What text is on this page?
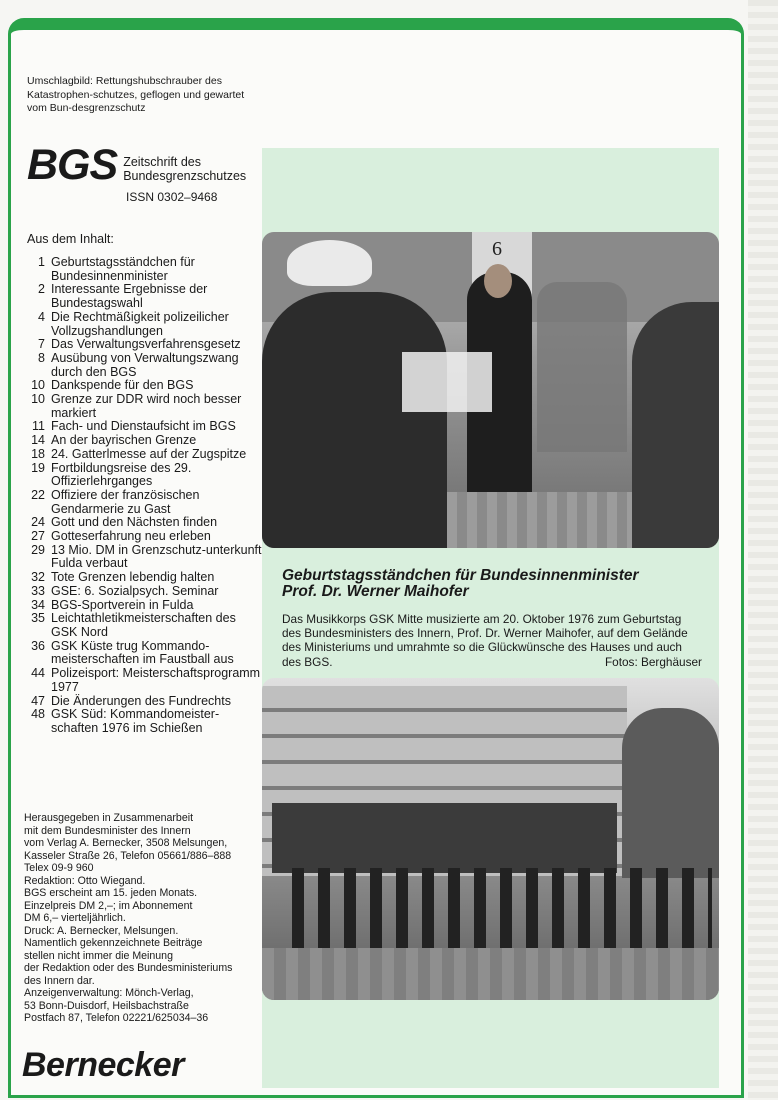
Umschlagbild: Rettungshubschrauber des Katastrophen-schutzes, geflogen und gewartet vom Bun-desgrenzschutz

BGS Zeitschrift des
Bundesgrenzschutzes
ISSN 0302–9468
Aus dem Inhalt:
1 Geburtstagsständchen für Bundesinnenminister
2 Interessante Ergebnisse der Bundestagswahl
4 Die Rechtmäßigkeit polizeilicher Vollzugshandlungen
7 Das Verwaltungsverfahrensgesetz
8 Ausübung von Verwaltungszwang durch den BGS
10 Dankspende für den BGS
10 Grenze zur DDR wird noch besser markiert
11 Fach- und Dienstaufsicht im BGS
14 An der bayrischen Grenze
18 24. Gatterlmesse auf der Zugspitze
19 Fortbildungsreise des 29. Offizierlehrganges
22 Offiziere der französischen Gendarmerie zu Gast
24 Gott und den Nächsten finden
27 Gotteserfahrung neu erleben
29 13 Mio. DM in Grenzschutz-unterkunft Fulda verbaut
32 Tote Grenzen lebendig halten
33 GSE: 6. Sozialpsych. Seminar
34 BGS-Sportverein in Fulda
35 Leichtathletikmeisterschaften des GSK Nord
36 GSK Küste trug Kommando-meisterschaften im Faustball aus
44 Polizeisport: Meisterschaftsprogramm 1977
47 Die Änderungen des Fundrechts
48 GSK Süd: Kommandomeister-schaften 1976 im Schießen
Herausgegeben in Zusammenarbeit
mit dem Bundesminister des Innern
vom Verlag A. Bernecker, 3508 Melsungen,
Kasseler Straße 26, Telefon 05661/886–888
Telex 09-9 960
Redaktion: Otto Wiegand.
BGS erscheint am 15. jeden Monats.
Einzelpreis DM 2,–; im Abonnement
DM 6,– vierteljährlich.
Druck: A. Bernecker, Melsungen.
Namentlich gekennzeichnete Beiträge
stellen nicht immer die Meinung
der Redaktion oder des Bundesministeriums
des Innern dar.
Anzeigenverwaltung: Mönch-Verlag,
53 Bonn-Duisdorf, Heilsbachstraße
Postfach 87, Telefon 02221/625034–36
Bernecker
6
Geburtstagsständchen für Bundesinnenminister
Prof. Dr. Werner Maihofer

Das Musikkorps GSK Mitte musizierte am 20. Oktober 1976 zum Geburtstag des Bundesministers des Innern, Prof. Dr. Werner Maihofer, auf dem Gelände des Ministeriums und umrahmte so die Glückwünsche des Hauses und auch des BGS.	Fotos: Berghäuser
